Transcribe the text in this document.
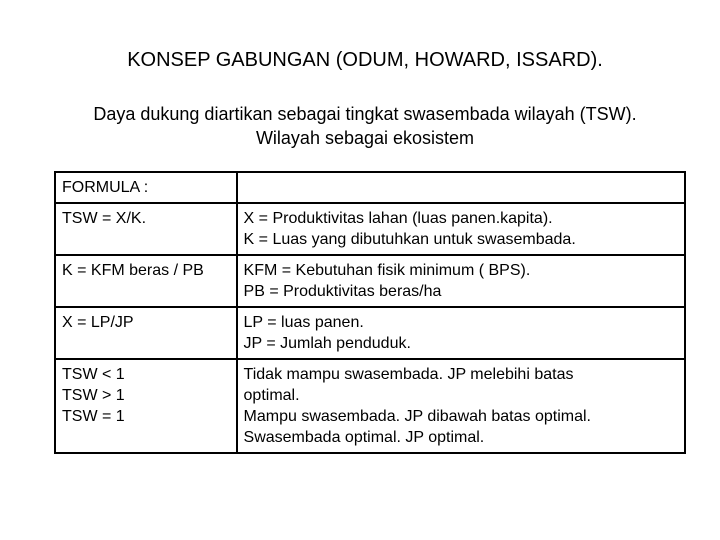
KONSEP GABUNGAN (ODUM, HOWARD, ISSARD).
Daya dukung diartikan sebagai tingkat swasembada wilayah (TSW).
Wilayah sebagai ekosistem
FORMULA :	

TSW = X/K.	X = Produktivitas lahan (luas panen.kapita).
K = Luas yang dibutuhkan untuk swasembada.

K = KFM beras / PB	KFM = Kebutuhan fisik minimum ( BPS).
PB = Produktivitas beras/ha

X = LP/JP	LP = luas panen.
JP = Jumlah penduduk.

TSW < 1
TSW > 1
TSW = 1	Tidak mampu swasembada. JP melebihi batas
optimal.
Mampu swasembada. JP dibawah batas optimal.
Swasembada optimal. JP optimal.
